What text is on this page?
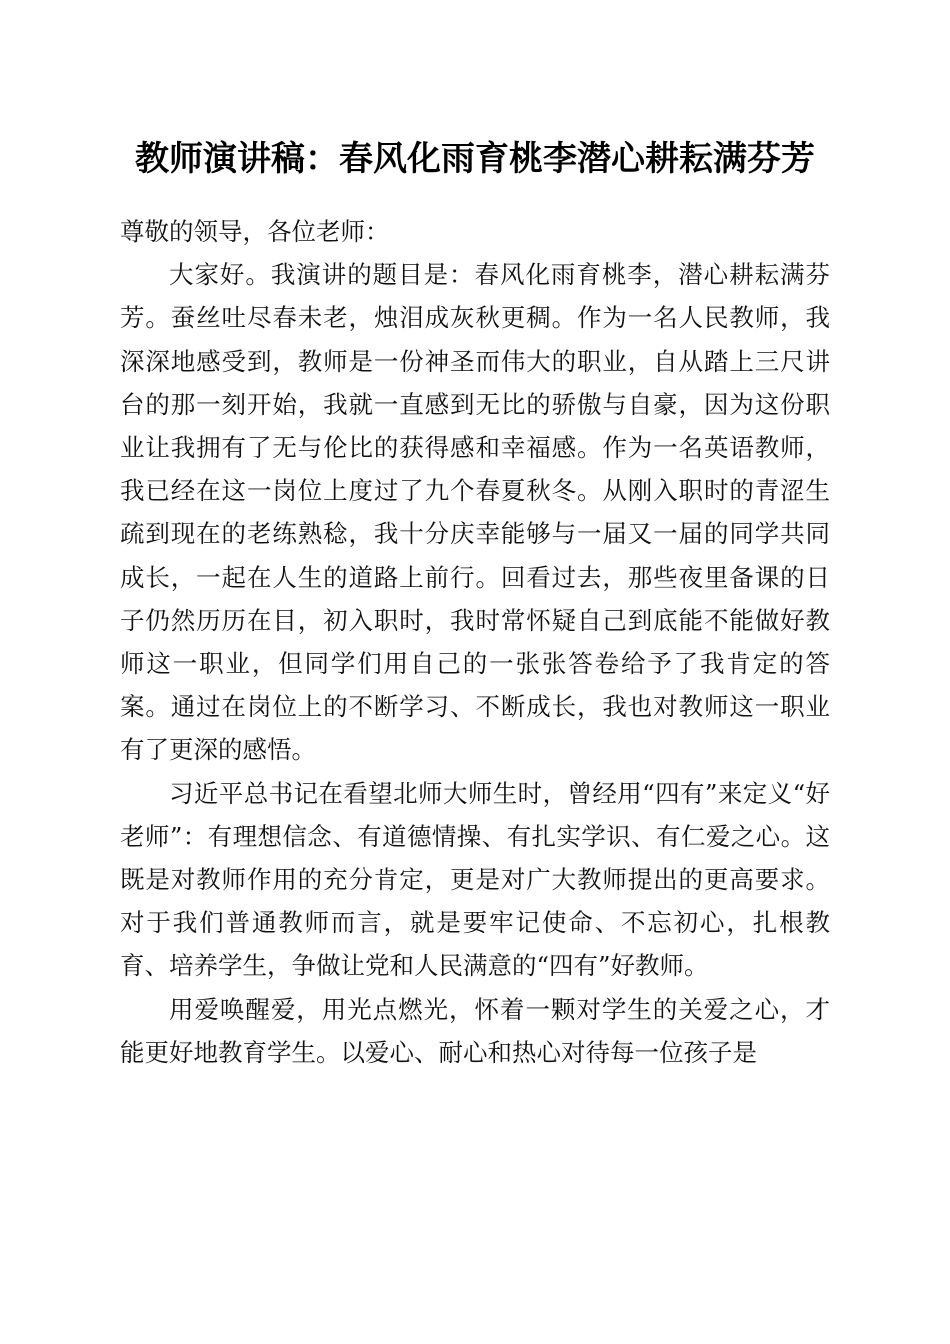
教师演讲稿：春风化雨育桃李潜心耕耘满芬芳

尊敬的领导，各位老师：

大家好。我演讲的题目是：春风化雨育桃李，潜心耕耘满芬芳。蚕丝吐尽春未老，烛泪成灰秋更稠。作为一名人民教师，我深深地感受到，教师是一份神圣而伟大的职业，自从踏上三尺讲台的那一刻开始，我就一直感到无比的骄傲与自豪，因为这份职业让我拥有了无与伦比的获得感和幸福感。作为一名英语教师，我已经在这一岗位上度过了九个春夏秋冬。从刚入职时的青涩生疏到现在的老练熟稔，我十分庆幸能够与一届又一届的同学共同成长，一起在人生的道路上前行。回看过去，那些夜里备课的日子仍然历历在目，初入职时，我时常怀疑自己到底能不能做好教师这一职业，但同学们用自己的一张张答卷给予了我肯定的答案。通过在岗位上的不断学习、不断成长，我也对教师这一职业有了更深的感悟。

习近平总书记在看望北师大师生时，曾经用“四有”来定义“好老师”：有理想信念、有道德情操、有扎实学识、有仁爱之心。这既是对教师作用的充分肯定，更是对广大教师提出的更高要求。对于我们普通教师而言，就是要牢记使命、不忘初心，扎根教育、培养学生，争做让党和人民满意的“四有”好教师。

用爱唤醒爱，用光点燃光，怀着一颗对学生的关爱之心，才能更好地教育学生。以爱心、耐心和热心对待每一位孩子是
